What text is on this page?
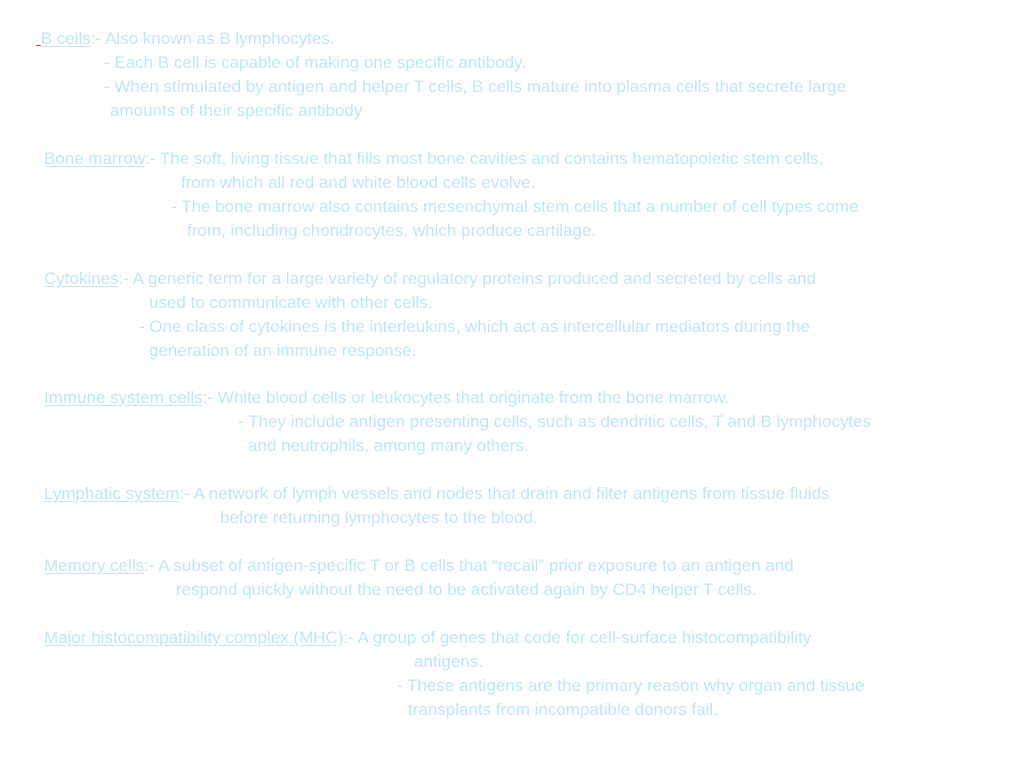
B cells:- Also known as B lymphocytes.
- Each B cell is capable of making one specific antibody.
- When stimulated by antigen and helper T cells, B cells mature into plasma cells that secrete large
amounts of their specific antibody
Bone marrow:- The soft, living tissue that fills most bone cavities and contains hematopoietic stem cells,
from which all red and white blood cells evolve.
- The bone marrow also contains mesenchymal stem cells that a number of cell types come
from, including chondrocytes, which produce cartilage.
Cytokines:- A generic term for a large variety of regulatory proteins produced and secreted by cells and
used to communicate with other cells.
- One class of cytokines is the interleukins, which act as intercellular mediators during the
generation of an immune response.
Immune system cells:- White blood cells or leukocytes that originate from the bone marrow.
- They include antigen presenting cells, such as dendritic cells, T and B lymphocytes
and neutrophils, among many others.
Lymphatic system:- A network of lymph vessels and nodes that drain and filter antigens from tissue fluids
before returning lymphocytes to the blood.
Memory cells:- A subset of antigen-specific T or B cells that “recall” prior exposure to an antigen and
respond quickly without the need to be activated again by CD4 helper T cells.
Major histocompatibility complex (MHC):- A group of genes that code for cell-surface histocompatibility
antigens.
- These antigens are the primary reason why organ and tissue
transplants from incompatible donors fail.
